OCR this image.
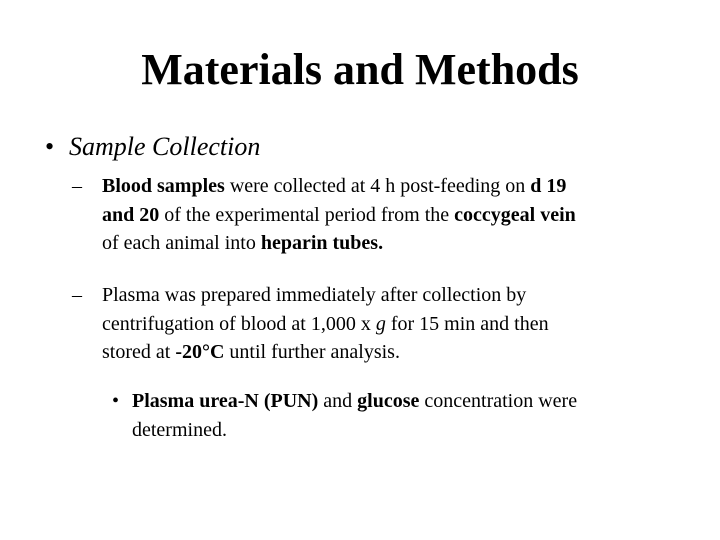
Materials and Methods
• Sample Collection
– Blood samples were collected at 4 h post-feeding on d 19
and 20 of the experimental period from the coccygeal vein
of each animal into heparin tubes.
– Plasma was prepared immediately after collection by
centrifugation of blood at 1,000 x g for 15 min and then
stored at -20°C until further analysis.
• Plasma urea-N (PUN) and glucose concentration were
determined.
